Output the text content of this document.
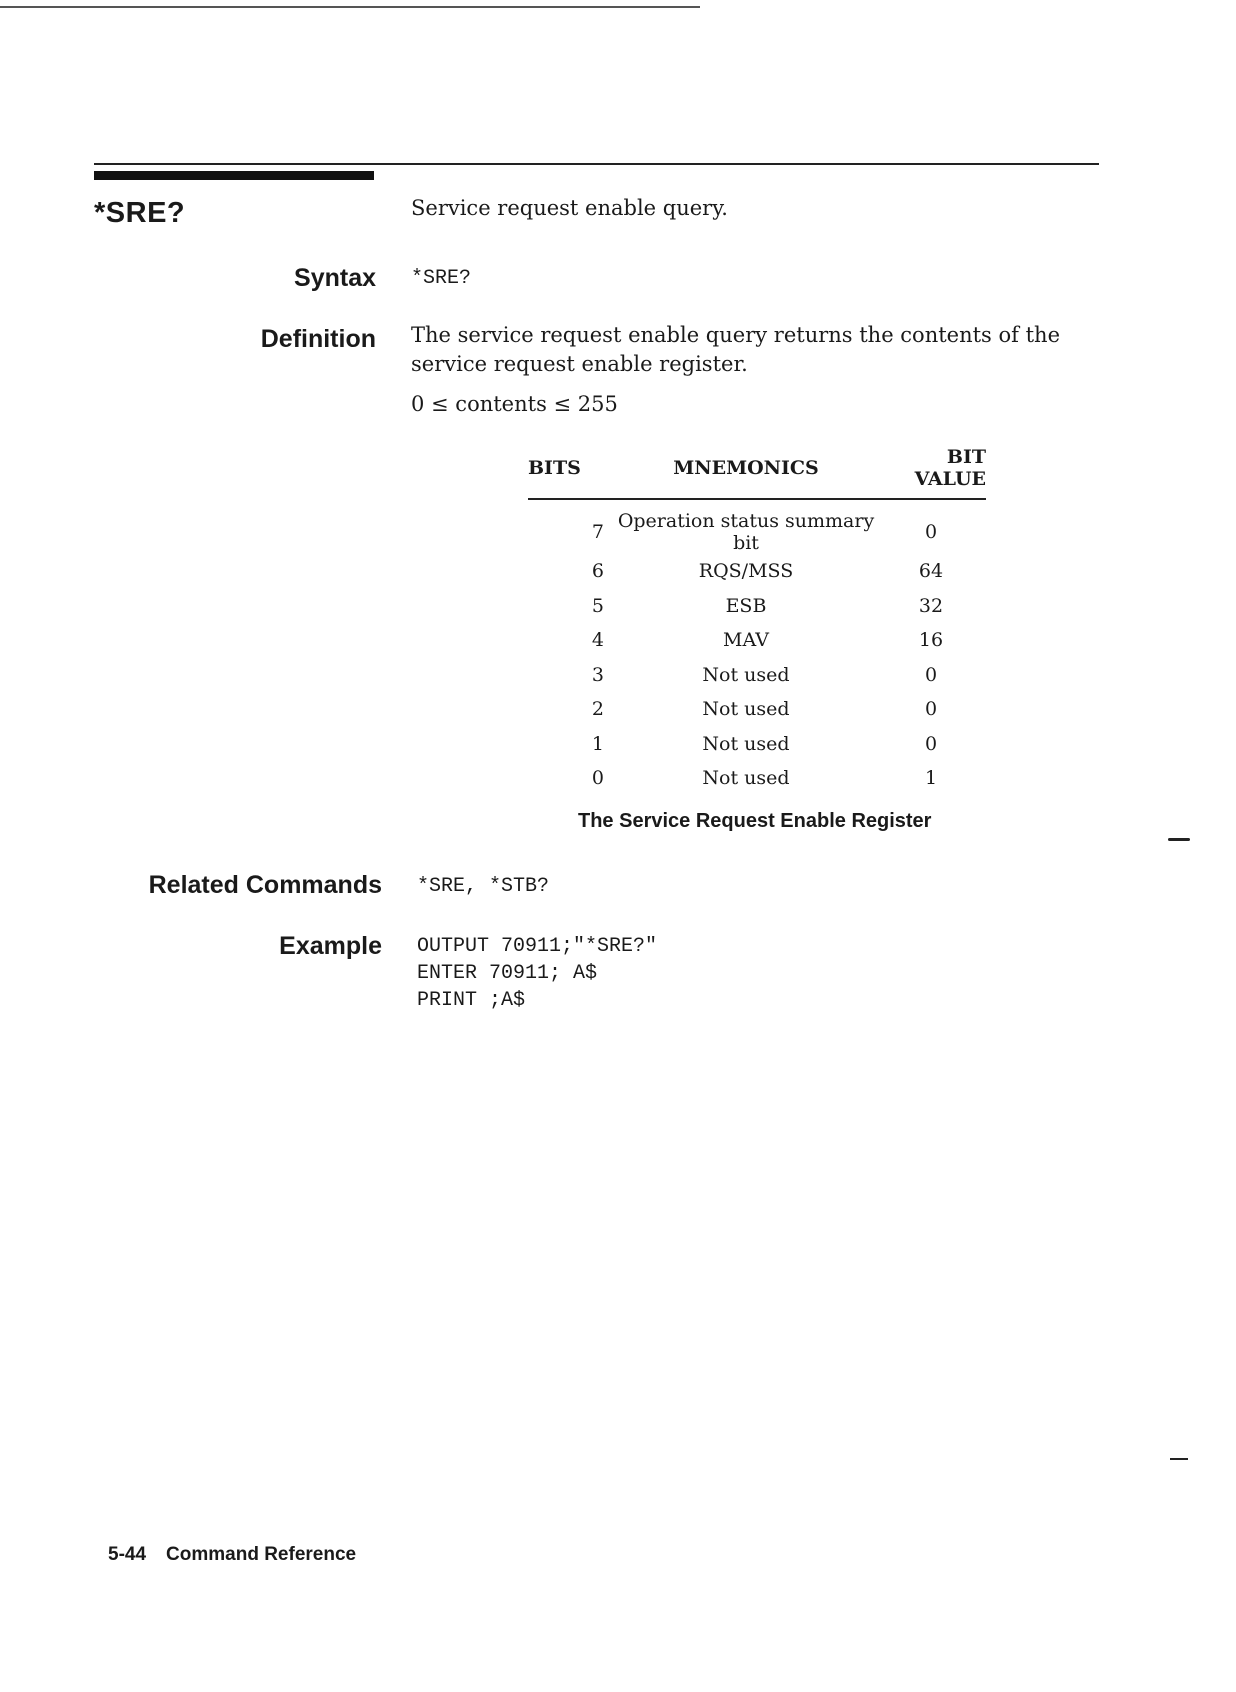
*SRE?	Service request enable query.
Syntax *SRE?
Definition The service request enable query returns the contents of the service request enable register.
0 ≤ contents ≤ 255
BITS	MNEMONICS	BIT VALUE
7	Operation status summary bit	0
6	RQS/MSS	64
5	ESB	32
4	MAV	16
3	Not used	0
2	Not used	0
1	Not used	0
0	Not used	1
The Service Request Enable Register
Related Commands *SRE, *STB?
Example OUTPUT 70911;"*SRE?"
ENTER 70911; A$
PRINT ;A$
5-44 Command Reference
